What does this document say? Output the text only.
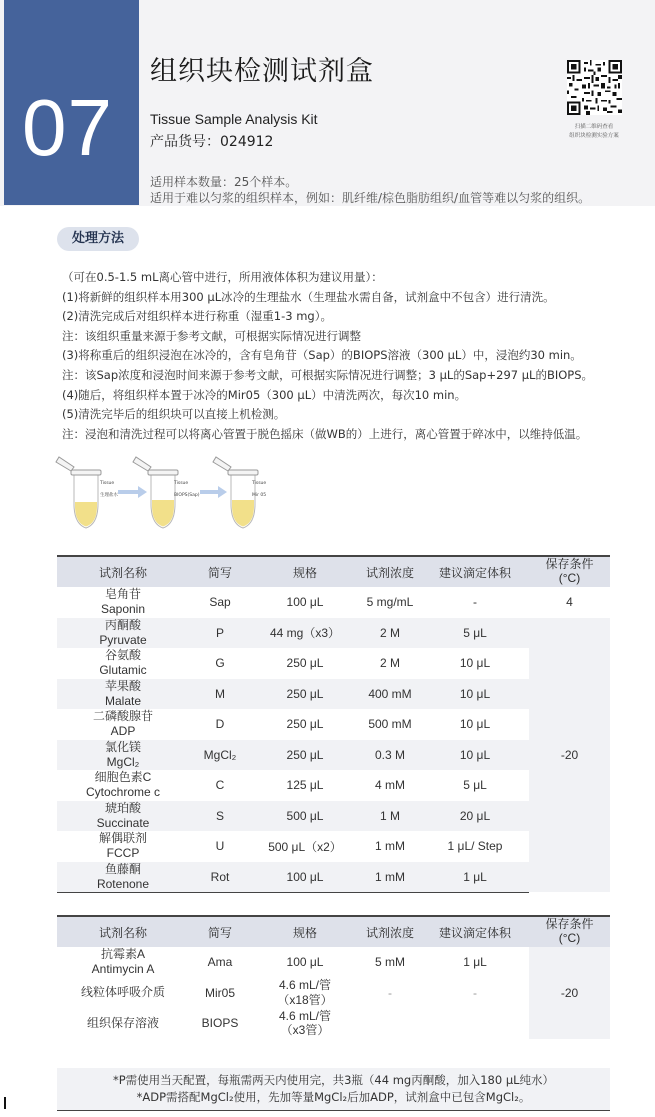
07
组织块检测试剂盒
Tissue Sample Analysis Kit
产品货号：024912
扫描二维码查看
组织块检测实验方案
适用样本数量：25个样本。
适用于难以匀浆的组织样本，例如：肌纤维/棕色脂肪组织/血管等难以匀浆的组织。
处理方法
（可在0.5-1.5 mL离心管中进行，所用液体体积为建议用量）：
(1)将新鲜的组织样本用300 μL冰冷的生理盐水（生理盐水需自备，试剂盒中不包含）进行清洗。
(2)清洗完成后对组织样本进行称重（湿重1-3 mg）。
注：该组织重量来源于参考文献，可根据实际情况进行调整
(3)将称重后的组织浸泡在冰冷的，含有皂角苷（Sap）的BIOPS溶液（300 μL）中，浸泡约30 min。
注：该Sap浓度和浸泡时间来源于参考文献，可根据实际情况进行调整；3 μL的Sap+297 μL的BIOPS。
(4)随后，将组织样本置于冰冷的Mir05（300 μL）中清洗两次，每次10 min。
(5)清洗完毕后的组织块可以直接上机检测。
注：浸泡和清洗过程可以将离心管置于脱色摇床（做WB的）上进行，离心管置于碎冰中，以维持低温。
Tissue
生理盐水
Tissue
BIOPS(Sap)
Tissue
Mir 05
试剂名称	简写	规格	试剂浓度	建议滴定体积	保存条件
(°C)
皂角苷
Saponin	Sap	100 μL	5 mg/mL	-	4
丙酮酸
Pyruvate	P	44 mg（x3）	2 M	5 μL	-20
谷氨酸
Glutamic	G	250 μL	2 M	10 μL	
苹果酸
Malate	M	250 μL	400 mM	10 μL	
二磷酸腺苷
ADP	D	250 μL	500 mM	10 μL	
氯化镁
MgCl₂	MgCl₂	250 μL	0.3 M	10 μL	
细胞色素C
Cytochrome c	C	125 μL	4 mM	5 μL	
琥珀酸
Succinate	S	500 μL	1 M	20 μL	
解偶联剂
FCCP	U	500 μL（x2）	1 mM	1 μL/ Step	
鱼藤酮
Rotenone	Rot	100 μL	1 mM	1 μL	
试剂名称	简写	规格	试剂浓度	建议滴定体积	保存条件
(°C)
抗霉素A
Antimycin A	Ama	100 μL	5 mM	1 μL	-20
线粒体呼吸介质	Mir05	4.6 mL/管
（x18管）	-	-	
组织保存溶液	BIOPS	4.6 mL/管
（x3管）			
*P需使用当天配置，每瓶需两天内使用完，共3瓶（44 mg丙酮酸，加入180 μL纯水）
*ADP需搭配MgCl₂使用，先加等量MgCl₂后加ADP，试剂盒中已包含MgCl₂。
